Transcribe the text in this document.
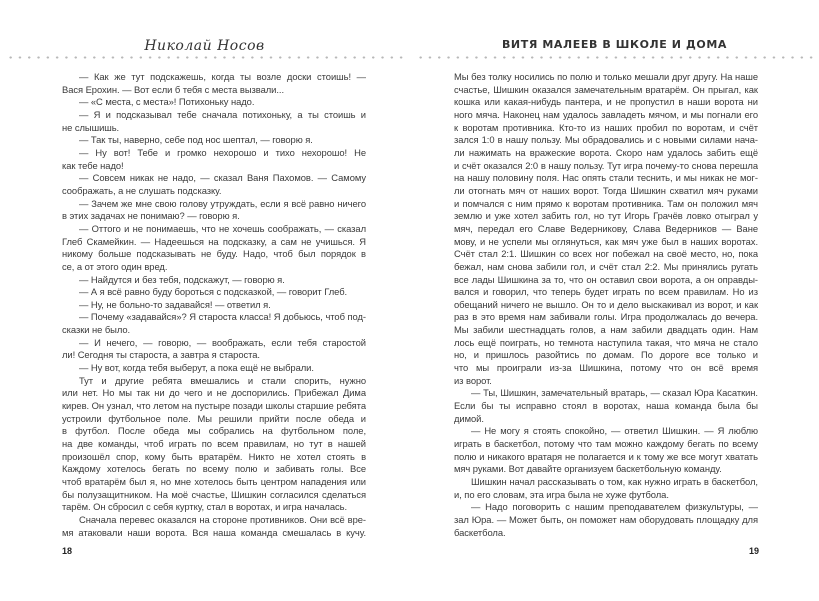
Николай Носов
— Как же тут подскажешь, когда ты возле доски стоишь! —
Вася Ерохин. — Вот если б тебя с места вызвали...
— «С места, с места»! Потихоньку надо.
— Я и подсказывал тебе сначала потихоньку, а ты стоишь и
не слышишь.
— Так ты, наверно, себе под нос шептал, — говорю я.
— Ну вот! Тебе и громко нехорошо и тихо нехорошо! Не
как тебе надо!
— Совсем никак не надо, — сказал Ваня Пахомов. — Самому
соображать, а не слушать подсказку.
— Зачем же мне свою голову утруждать, если я всё равно ничего
в этих задачах не понимаю? — говорю я.
— Оттого и не понимаешь, что не хочешь соображать, — сказал
Глеб Скамейкин. — Надеешься на подсказку, а сам не учишься. Я
никому больше подсказывать не буду. Надо, чтоб был порядок в
се, а от этого один вред.
— Найдутся и без тебя, подскажут, — говорю я.
— А я всё равно буду бороться с подсказкой, — говорит Глеб.
— Ну, не больно-то задавайся! — ответил я.
— Почему «задавайся»? Я староста класса! Я добьюсь, чтоб под-
сказки не было.
— И нечего, — говорю, — воображать, если тебя старостой
ли! Сегодня ты староста, а завтра я староста.
— Ну вот, когда тебя выберут, а пока ещё не выбрали.
Тут и другие ребята вмешались и стали спорить, нужно
или нет. Но мы так ни до чего и не доспорились. Прибежал Дима
кирев. Он узнал, что летом на пустыре позади школы старшие ребята
устроили футбольное поле. Мы решили прийти после обеда и
в футбол. После обеда мы собрались на футбольном поле,
на две команды, чтоб играть по всем правилам, но тут в нашей
произошёл спор, кому быть вратарём. Никто не хотел стоять в
Каждому хотелось бегать по всему полю и забивать голы. Все
чтоб вратарём был я, но мне хотелось быть центром нападения или
бы полузащитником. На моё счастье, Шишкин согласился сделаться
тарём. Он сбросил с себя куртку, стал в воротах, и игра началась.
Сначала перевес оказался на стороне противников. Они всё вре-
мя атаковали наши ворота. Вся наша команда смешалась в кучу.
18
ВИТЯ МАЛЕЕВ В ШКОЛЕ И ДОМА
Мы без толку носились по полю и только мешали друг другу. На наше
счастье, Шишкин оказался замечательным вратарём. Он прыгал, как
кошка или какая-нибудь пантера, и не пропустил в наши ворота ни
ного мяча. Наконец нам удалось завладеть мячом, и мы погнали его
к воротам противника. Кто-то из наших пробил по воротам, и счёт
зался 1:0 в нашу пользу. Мы обрадовались и с новыми силами нача-
ли нажимать на вражеские ворота. Скоро нам удалось забить ещё
и счёт оказался 2:0 в нашу пользу. Тут игра почему-то снова перешла
на нашу половину поля. Нас опять стали теснить, и мы никак не мог-
ли отогнать мяч от наших ворот. Тогда Шишкин схватил мяч руками
и помчался с ним прямо к воротам противника. Там он положил мяч
землю и уже хотел забить гол, но тут Игорь Грачёв ловко отыграл у
мяч, передал его Славе Ведерникову, Слава Ведерников — Ване
мову, и не успели мы оглянуться, как мяч уже был в наших воротах.
Счёт стал 2:1. Шишкин со всех ног побежал на своё место, но, пока
бежал, нам снова забили гол, и счёт стал 2:2. Мы принялись ругать
все лады Шишкина за то, что он оставил свои ворота, а он оправды-
вался и говорил, что теперь будет играть по всем правилам. Но из
обещаний ничего не вышло. Он то и дело выскакивал из ворот, и как
раз в это время нам забивали голы. Игра продолжалась до вечера.
Мы забили шестнадцать голов, а нам забили двадцать один. Нам
лось ещё поиграть, но темнота наступила такая, что мяча не стало
но, и пришлось разойтись по домам. По дороге все только и
что мы проиграли из-за Шишкина, потому что он всё время
из ворот.
— Ты, Шишкин, замечательный вратарь, — сказал Юра Касаткин.
Если бы ты исправно стоял в воротах, наша команда была бы
димой.
— Не могу я стоять спокойно, — ответил Шишкин. — Я люблю
играть в баскетбол, потому что там можно каждому бегать по всему
полю и никакого вратаря не полагается и к тому же все могут хватать
мяч руками. Вот давайте организуем баскетбольную команду.
Шишкин начал рассказывать о том, как нужно играть в баскетбол,
и, по его словам, эта игра была не хуже футбола.
— Надо поговорить с нашим преподавателем физкультуры, —
зал Юра. — Может быть, он поможет нам оборудовать площадку для
баскетбола.
19
